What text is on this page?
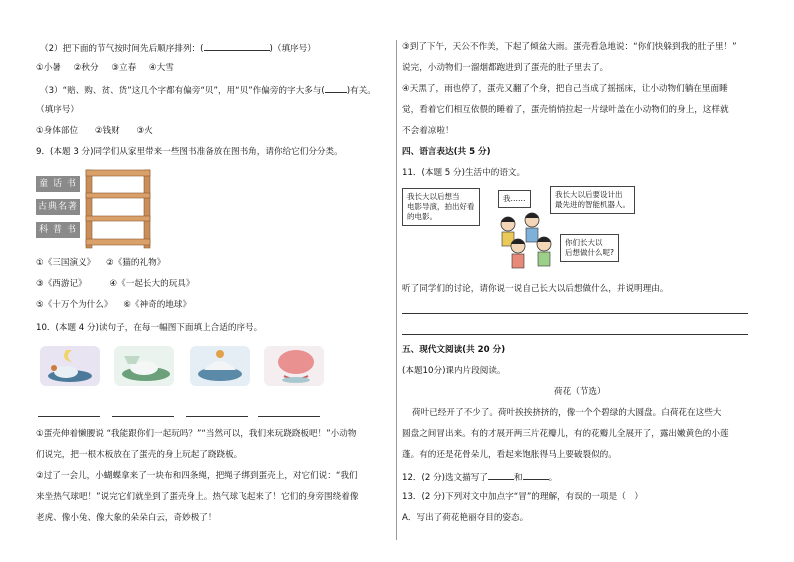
（2）把下面的节气按时间先后顺序排列：(	)（填序号）
①小暑 ②秋分 ③立春 ④大雪
（3）“赔、购、贫、货”这几个字都有偏旁“贝”，用“贝”作偏旁的字大多与(	)有关。
（填序号）
①身体部位 ②钱财 ③火
9．(本题 3 分)同学们从家里带来一些图书准备放在图书角，请你给它们分分类。
童 话 书
古典名著
科 普 书
①《三国演义》 ②《猫的礼物》
③《西游记》	④《一起长大的玩具》
⑤《十万个为什么》 ⑥《神奇的地球》
10．(本题 4 分)读句子，在每一幅图下面填上合适的序号。
①蛋壳伸着懒腰说 “我能跟你们一起玩吗？”“当然可以，我们来玩跷跷板吧！”小动物
们说完，把一根木板放在了蛋壳的身上玩起了跷跷板。
②过了一会儿，小蝴蝶拿来了一块布和四条绳，把绳子绑到蛋壳上，对它们说：“我们
来坐热气球吧！”说完它们就坐到了蛋壳身上。热气球飞起来了！它们的身旁围绕着像
老虎、像小兔、像大象的朵朵白云，奇妙极了！
③到了下午，天公不作美，下起了倾盆大雨。蛋壳看急地说：“你们快躲到我的肚子里！”
说完，小动物们一溜烟都跑进到了蛋壳的肚子里去了。
④天黑了，雨也停了，蛋壳又翻了个身，把自己当成了摇摇床，让小动物们躺在里面睡
觉，看着它们相互依偎的睡着了，蛋壳悄悄拉起一片绿叶盖在小动物们的身上，这样就
不会着凉啦！
四、语言表达(共 5 分)
11．(本题 5 分)生活中的语文。
我长大以后想当
电影导演，拍出好看
的电影。
我……	我长大以后要设计出
最先进的智能机器人。
你们长大以
后想做什么呢?
听了同学们的讨论，请你说一说自己长大以后想做什么，并说明理由。
五、现代文阅读(共 20 分)
(本题10分)课内片段阅读。
荷花（节选）
荷叶已经开了不少了。荷叶挨挨挤挤的，像一个个碧绿的大圆盘。白荷花在这些大
圆盘之间冒出来。有的才展开两三片花瓣儿，有的花瓣儿全展开了，露出嫩黄色的小莲
蓬。有的还是花骨朵儿，看起来饱胀得马上要破裂似的。
12．(2 分)选文描写了	和	。
13．(2 分)下列对文中加点字“冒”的理解，有误的一项是（　）
A．写出了荷花艳丽夺目的姿态。
